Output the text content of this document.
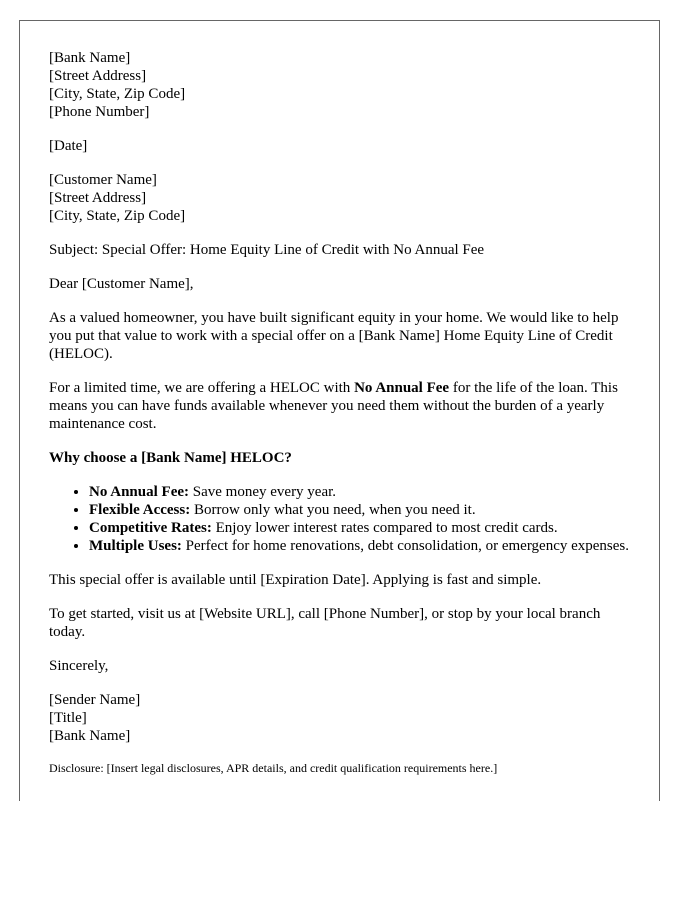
[Bank Name]
[Street Address]
[City, State, Zip Code]
[Phone Number]

[Date]

[Customer Name]
[Street Address]
[City, State, Zip Code]

Subject: Special Offer: Home Equity Line of Credit with No Annual Fee

Dear [Customer Name],

As a valued homeowner, you have built significant equity in your home. We would like to help you put that value to work with a special offer on a [Bank Name] Home Equity Line of Credit (HELOC).

For a limited time, we are offering a HELOC with No Annual Fee for the life of the loan. This means you can have funds available whenever you need them without the burden of a yearly maintenance cost.

Why choose a [Bank Name] HELOC?
• No Annual Fee: Save money every year.
• Flexible Access: Borrow only what you need, when you need it.
• Competitive Rates: Enjoy lower interest rates compared to most credit cards.
• Multiple Uses: Perfect for home renovations, debt consolidation, or emergency expenses.

This special offer is available until [Expiration Date]. Applying is fast and simple.

To get started, visit us at [Website URL], call [Phone Number], or stop by your local branch today.

Sincerely,

[Sender Name]
[Title]
[Bank Name]

Disclosure: [Insert legal disclosures, APR details, and credit qualification requirements here.]
